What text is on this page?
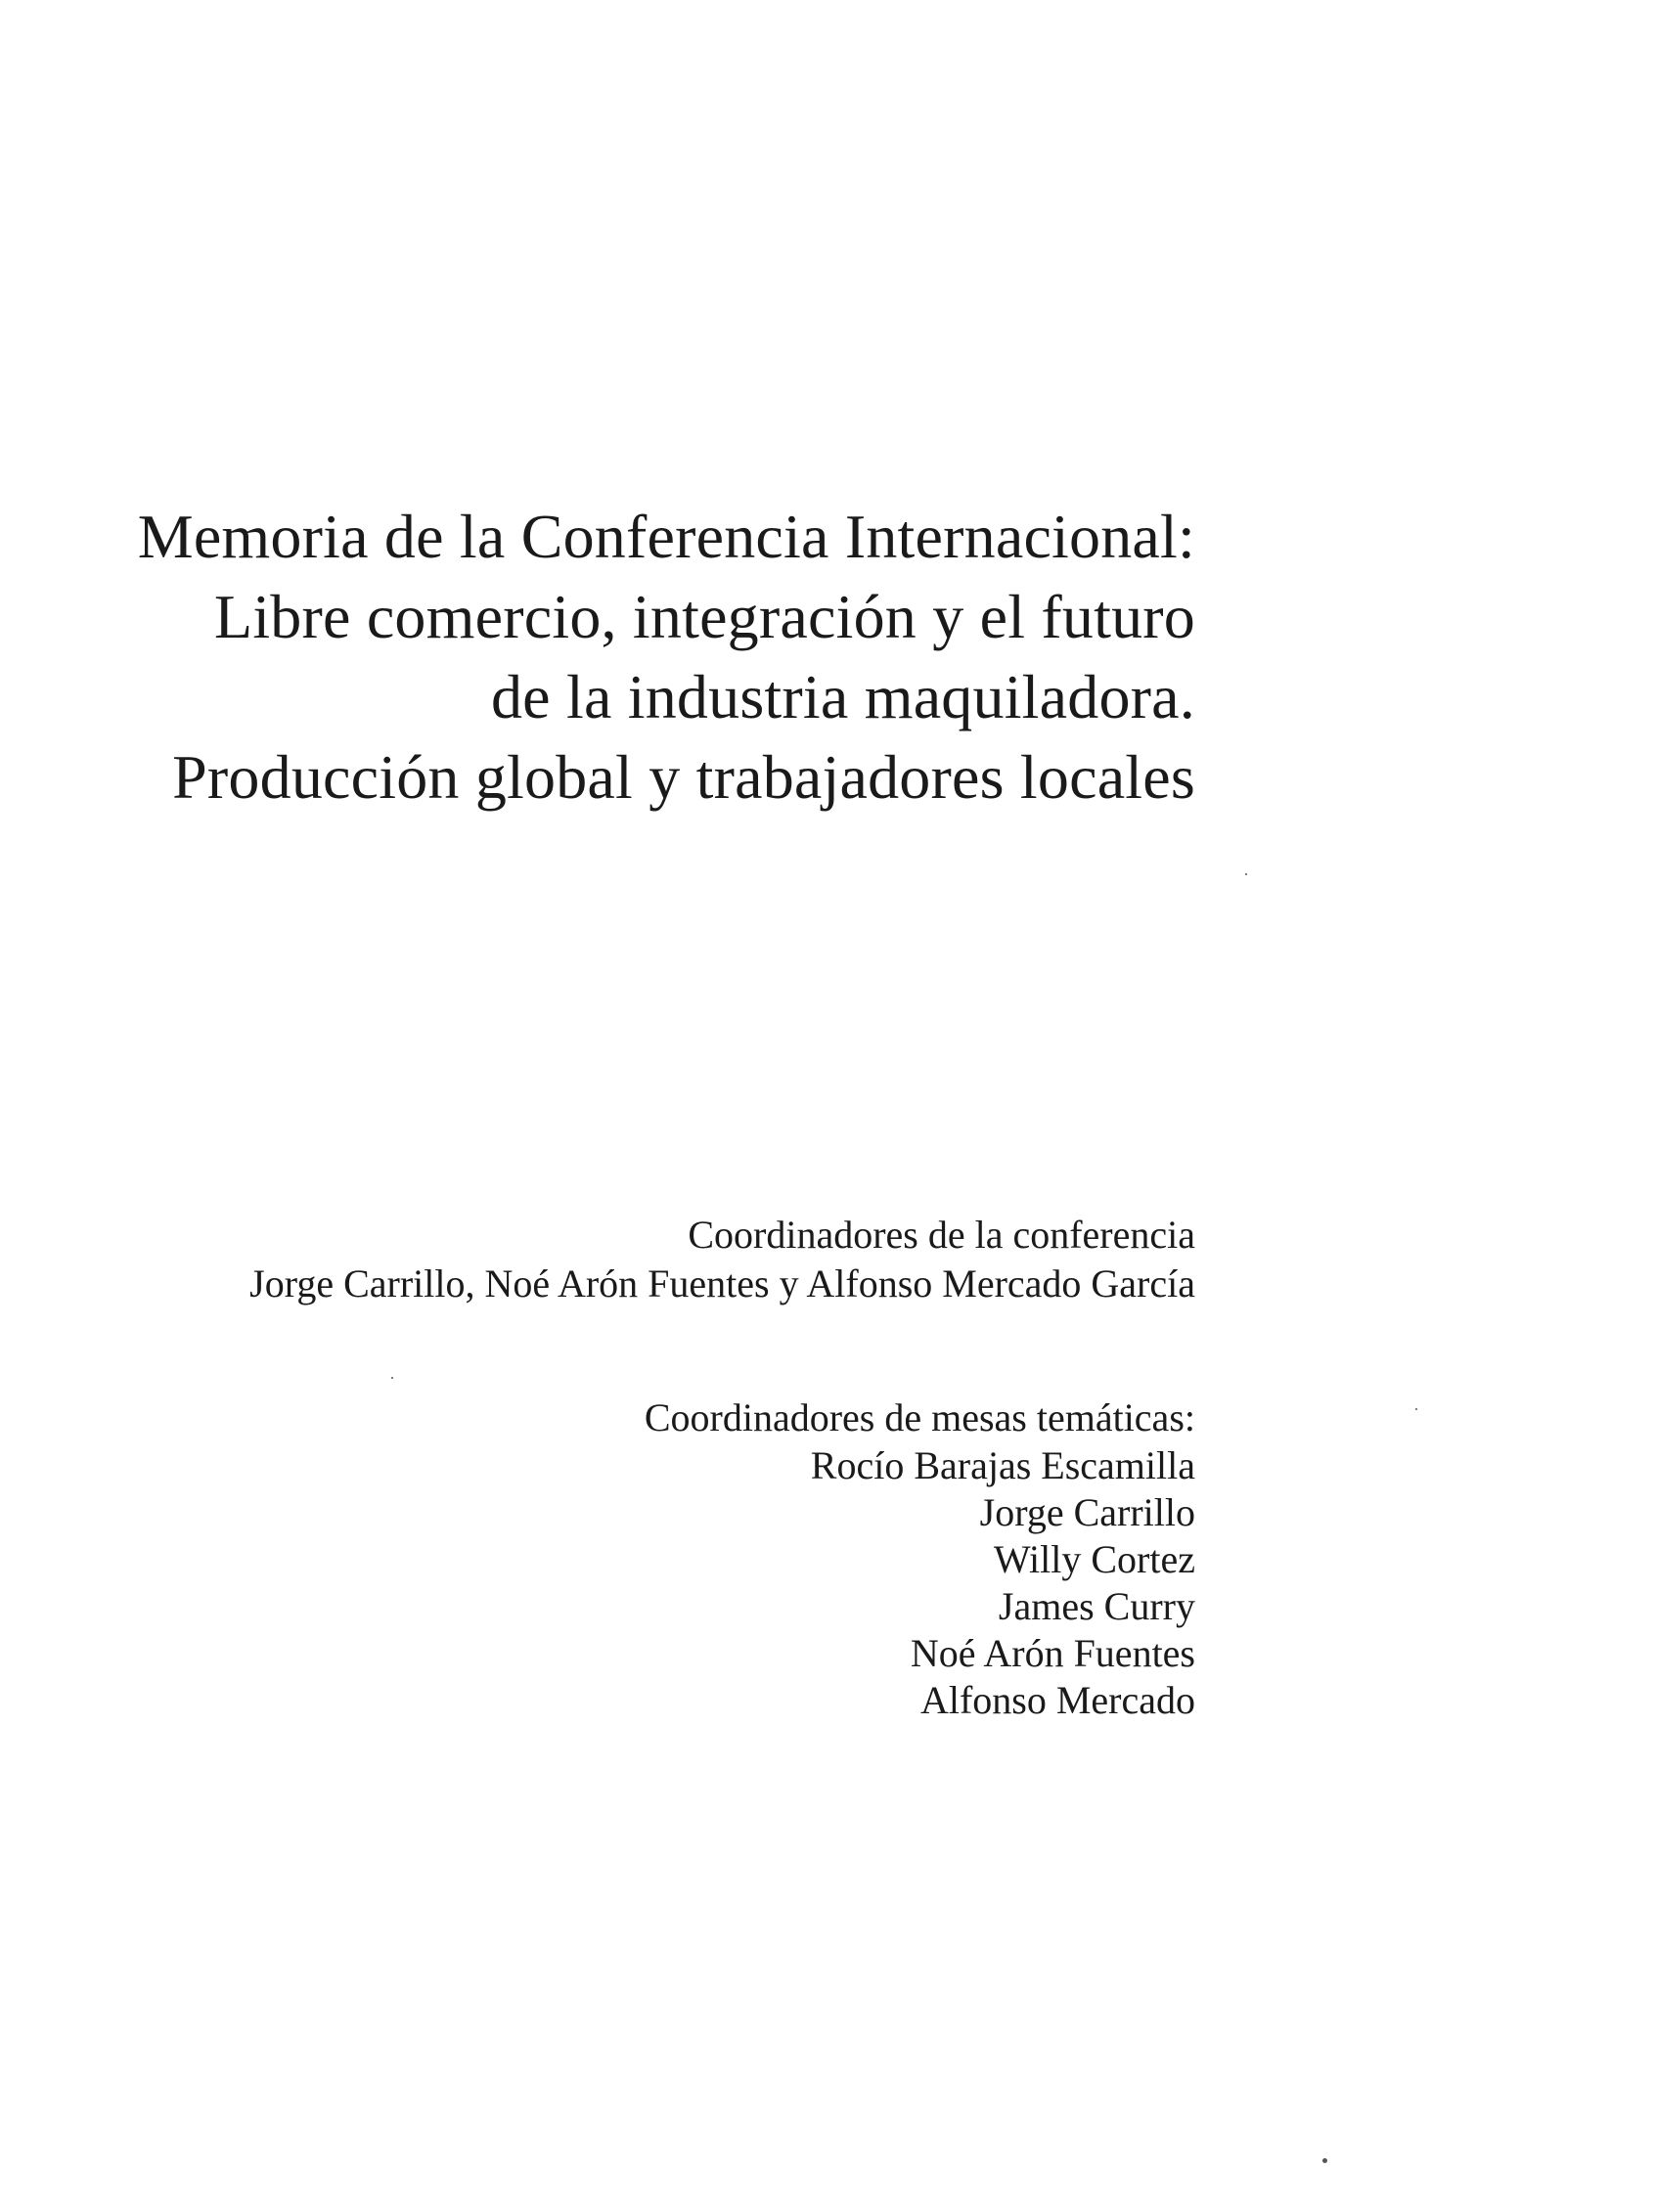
Memoria de la Conferencia Internacional:
Libre comercio, integración y el futuro
de la industria maquiladora.
Producción global y trabajadores locales
Coordinadores de la conferencia
Jorge Carrillo, Noé Arón Fuentes y Alfonso Mercado García
Coordinadores de mesas temáticas:
Rocío Barajas Escamilla
Jorge Carrillo
Willy Cortez
James Curry
Noé Arón Fuentes
Alfonso Mercado
